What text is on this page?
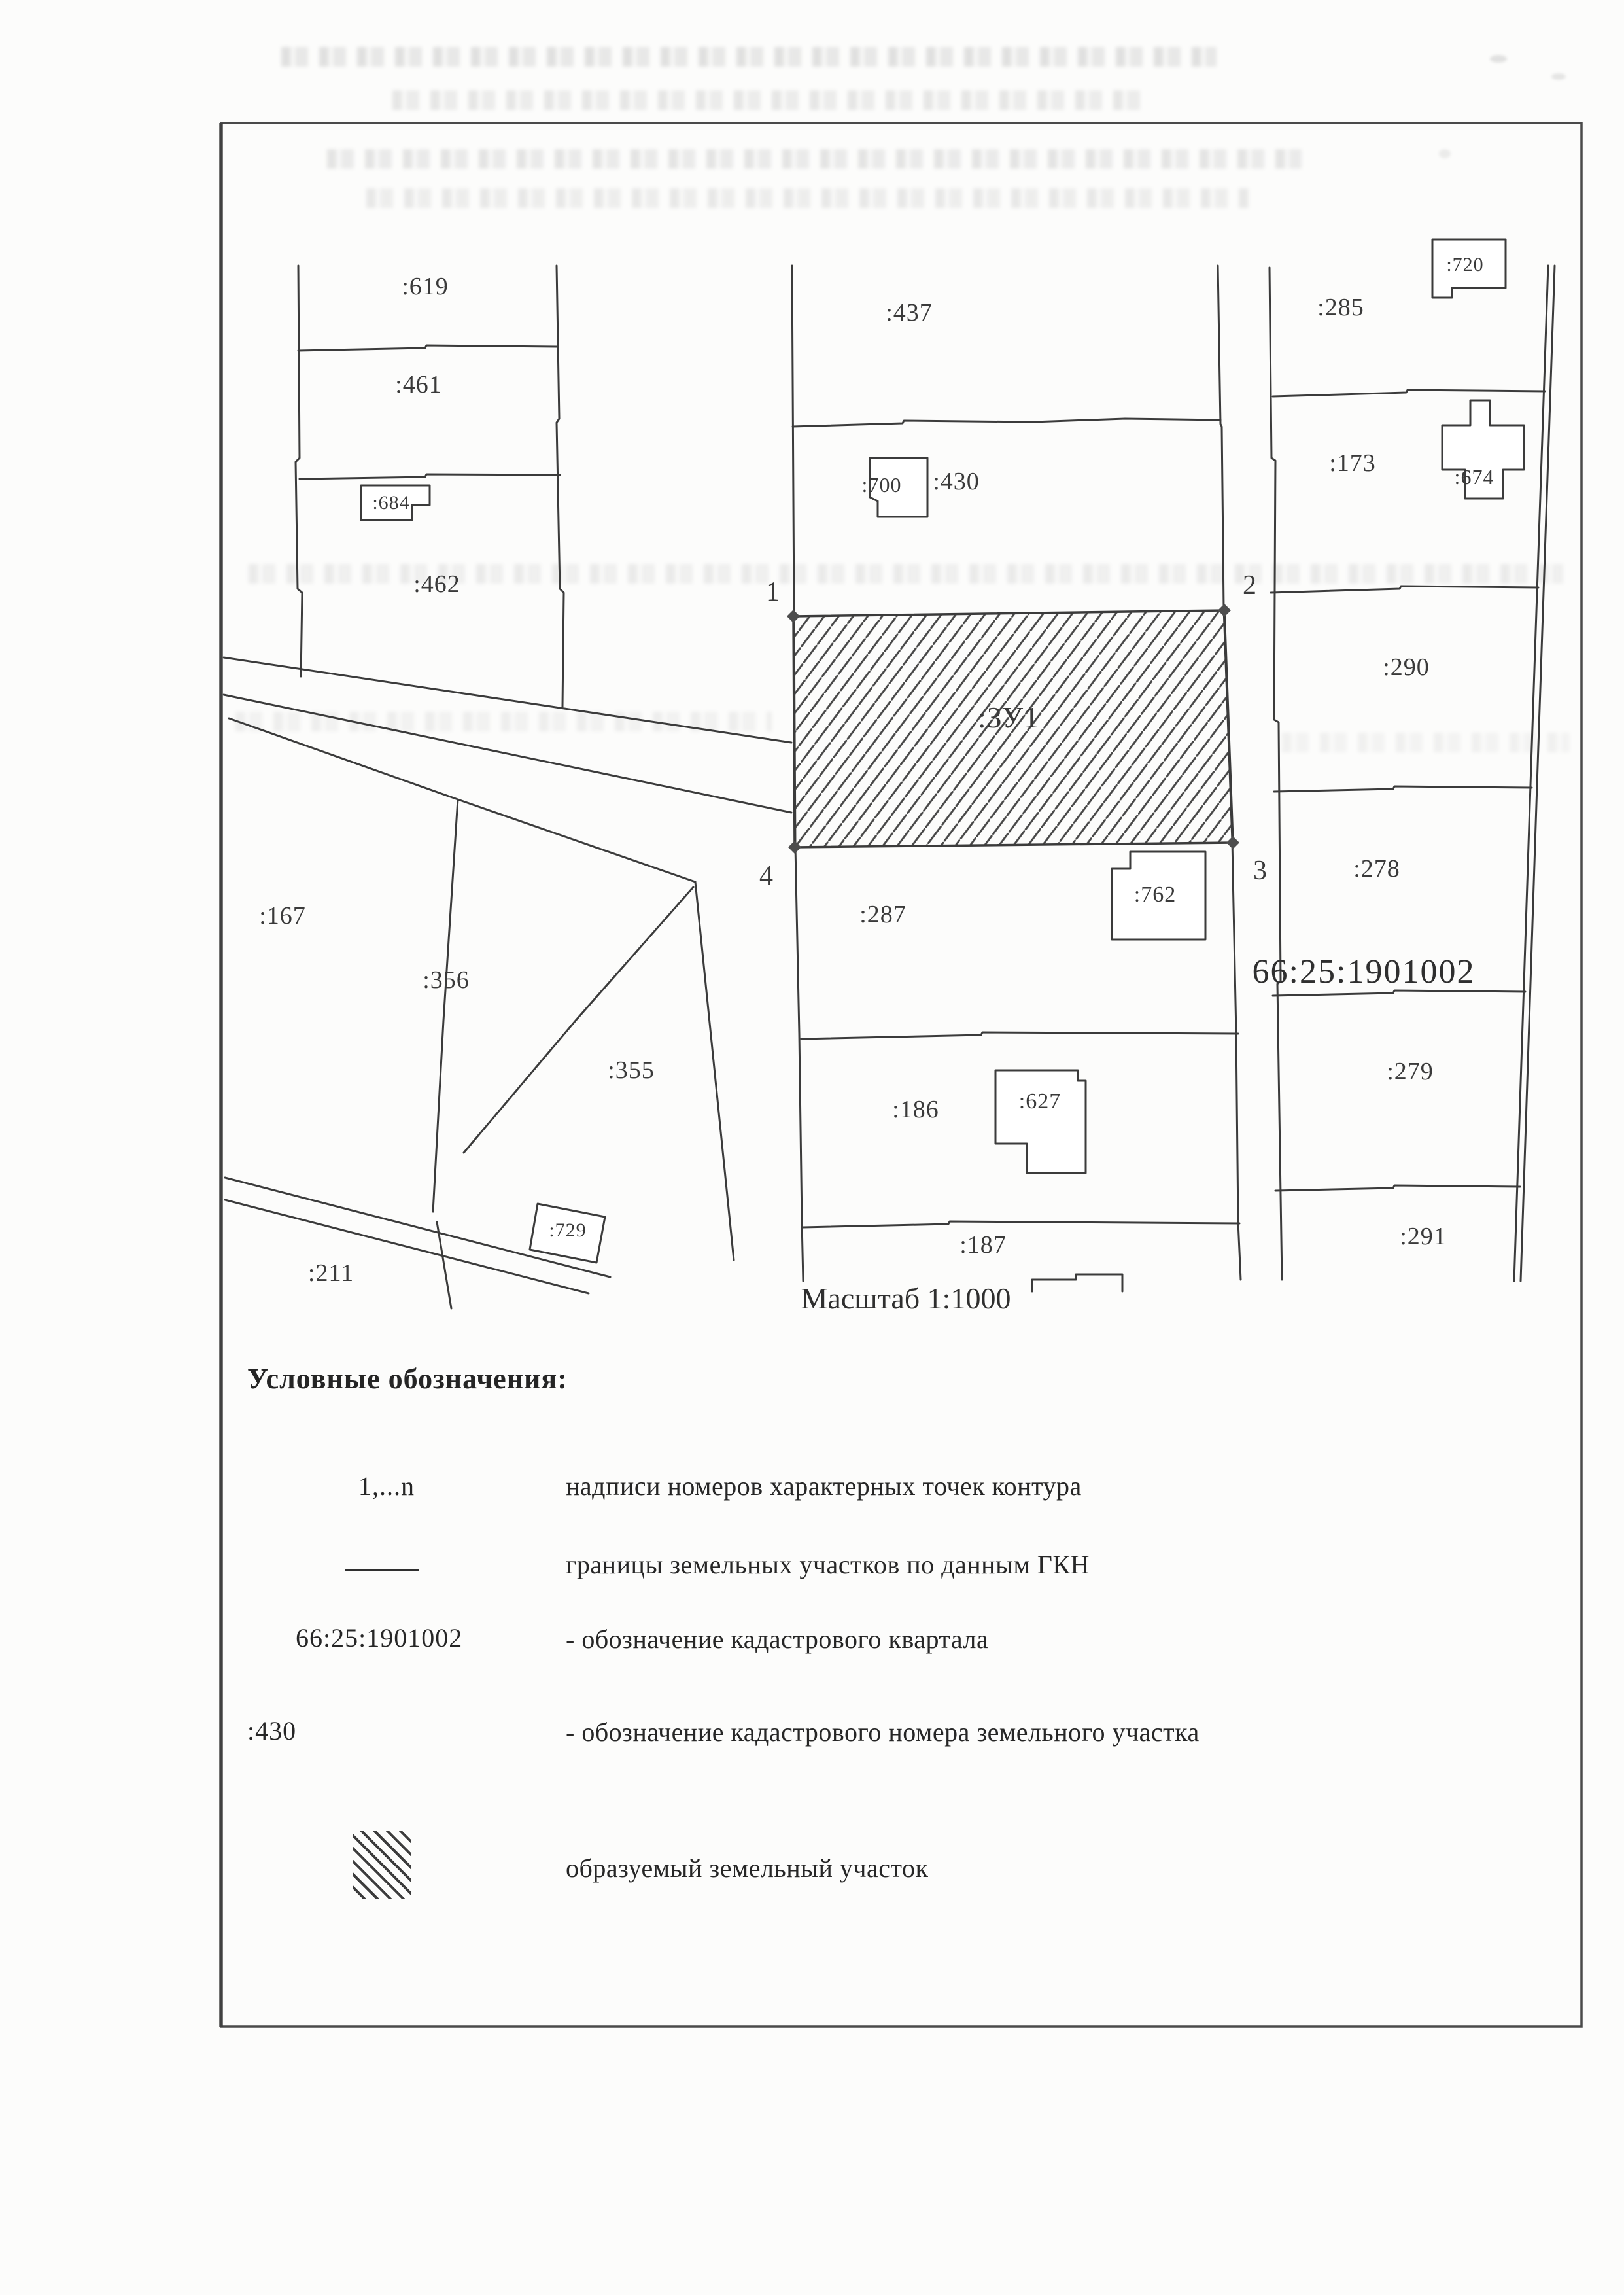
1	2
3
4
:619
:461
:684
:462
:437
:700 :430
:720
:285
:173	:674
:290
:278
:279
:291
:167
:356
:355
:729
:211
:287
:762
:186	:627
:187
:ЗУ1
66:25:1901002
Масштаб 1:1000
Условные обозначения:
1,...n	надписи номеров характерных точек контура
границы земельных участков по данным ГКН
66:25:1901002	- обозначение кадастрового квартала
:430	- обозначение кадастрового номера земельного участка
образуемый земельный участок
